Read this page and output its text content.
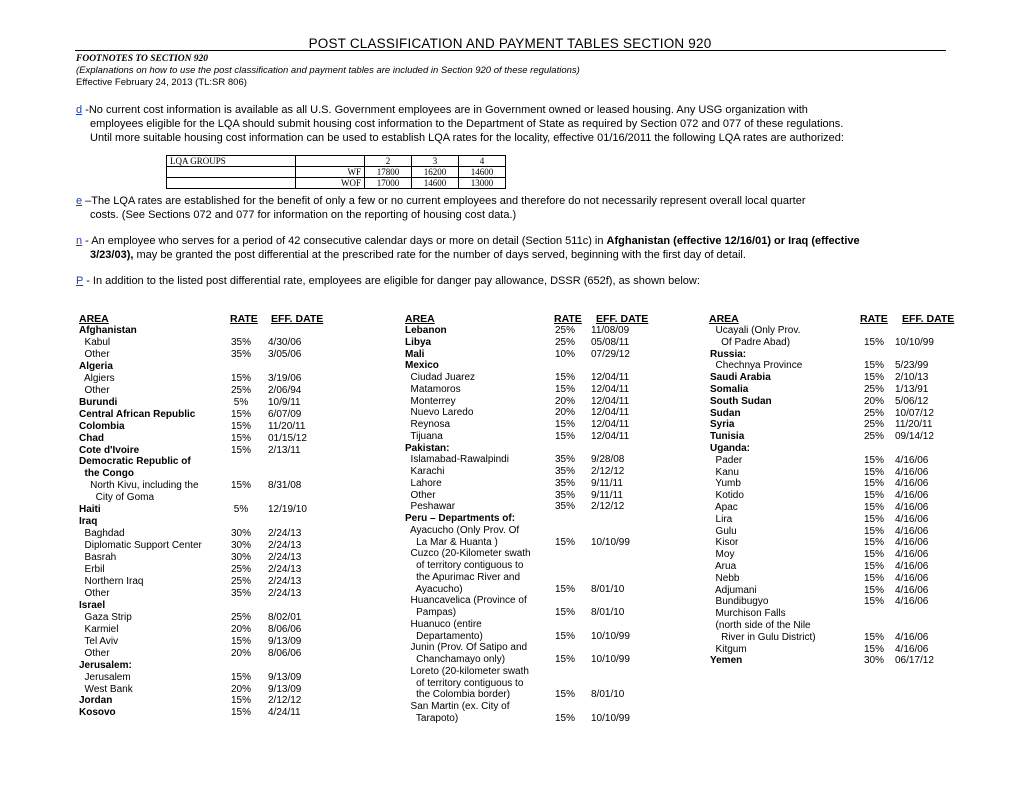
POST CLASSIFICATION AND PAYMENT TABLES SECTION 920
FOOTNOTES TO SECTION 920
(Explanations on how to use the post classification and payment tables are included in Section 920 of these regulations)
Effective February 24, 2013 (TL:SR 806)
d -No current cost information is available as all U.S. Government employees are in Government owned or leased housing. Any USG organization with
employees eligible for the LQA should submit housing cost information to the Department of State as required by Section 072 and 077 of these regulations.
Until more suitable housing cost information can be used to establish LQA rates for the locality, effective 01/16/2011 the following LQA rates are authorized:
LQA GROUPS		2	3	4
	WF	17800	16200	14600
	WOF	17000	14600	13000
e –The LQA rates are established for the benefit of only a few or no current employees and therefore do not necessarily represent overall local quarter
costs. (See Sections 072 and 077 for information on the reporting of housing cost data.)
n - An employee who serves for a period of 42 consecutive calendar days or more on detail (Section 511c) in Afghanistan (effective 12/16/01) or Iraq (effective
3/23/03), may be granted the post differential at the prescribed rate for the number of days served, beginning with the first day of detail.
P - In addition to the listed post differential rate, employees are eligible for danger pay allowance, DSSR (652f), as shown below:
AREA	RATE EFF. DATE	AREA	RATE EFF. DATE	AREA	RATE EFF. DATE
Afghanistan
Kabul	35% 4/30/06
Other	35% 3/05/06
Algeria
Algiers	15% 3/19/06
Other	25% 2/06/94
Burundi	5% 10/9/11
Central African Republic	15% 6/07/09
Colombia	15% 11/20/11
Chad	15% 01/15/12
Cote d'Ivoire	15% 2/13/11
Democratic Republic of
the Congo
North Kivu, including the	15% 8/31/08
City of Goma
Haiti	5% 12/19/10
Iraq
Baghdad	30% 2/24/13
Diplomatic Support Center	30% 2/24/13
Basrah	30% 2/24/13
Erbil	25% 2/24/13
Northern Iraq	25% 2/24/13
Other	35% 2/24/13
Israel
Gaza Strip	25% 8/02/01
Karmiel	20% 8/06/06
Tel Aviv	15% 9/13/09
Other	20% 8/06/06
Jerusalem:
Jerusalem	15% 9/13/09
West Bank	20% 9/13/09
Jordan	15% 2/12/12
Kosovo	15% 4/24/11
Lebanon	25% 11/08/09
Libya	25% 05/08/11
Mali	10% 07/29/12
Mexico
Ciudad Juarez	15% 12/04/11
Matamoros	15% 12/04/11
Monterrey	20% 12/04/11
Nuevo Laredo	20% 12/04/11
Reynosa	15% 12/04/11
Tijuana	15% 12/04/11
Pakistan:
Islamabad-Rawalpindi	35% 9/28/08
Karachi	35% 2/12/12
Lahore	35% 9/11/11
Other	35% 9/11/11
Peshawar	35% 2/12/12
Peru – Departments of:
Ayacucho (Only Prov. Of
La Mar & Huanta )	15% 10/10/99
Cuzco (20-Kilometer swath
of territory contiguous to
the Apurimac River and
Ayacucho)	15% 8/01/10
Huancavelica (Province of
Pampas)	15% 8/01/10
Huanuco (entire
Departamento)	15% 10/10/99
Junin (Prov. Of Satipo and
Chanchamayo only)	15% 10/10/99
Loreto (20-kilometer swath
of territory contiguous to
the Colombia border)	15% 8/01/10
San Martin (ex. City of
Tarapoto)	15% 10/10/99
Ucayali (Only Prov.
Of Padre Abad)	15% 10/10/99
Russia:
Chechnya Province	15% 5/23/99
Saudi Arabia	15% 2/10/13
Somalia	25% 1/13/91
South Sudan	20% 5/06/12
Sudan	25% 10/07/12
Syria	25% 11/20/11
Tunisia	25% 09/14/12
Uganda:
Pader	15% 4/16/06
Kanu	15% 4/16/06
Yumb	15% 4/16/06
Kotido	15% 4/16/06
Apac	15% 4/16/06
Lira	15% 4/16/06
Gulu	15% 4/16/06
Kisor	15% 4/16/06
Moy	15% 4/16/06
Arua	15% 4/16/06
Nebb	15% 4/16/06
Adjumani	15% 4/16/06
Bundibugyo	15% 4/16/06
Murchison Falls
(north side of the Nile
River in Gulu District)	15% 4/16/06
Kitgum	15% 4/16/06
Yemen	30% 06/17/12
